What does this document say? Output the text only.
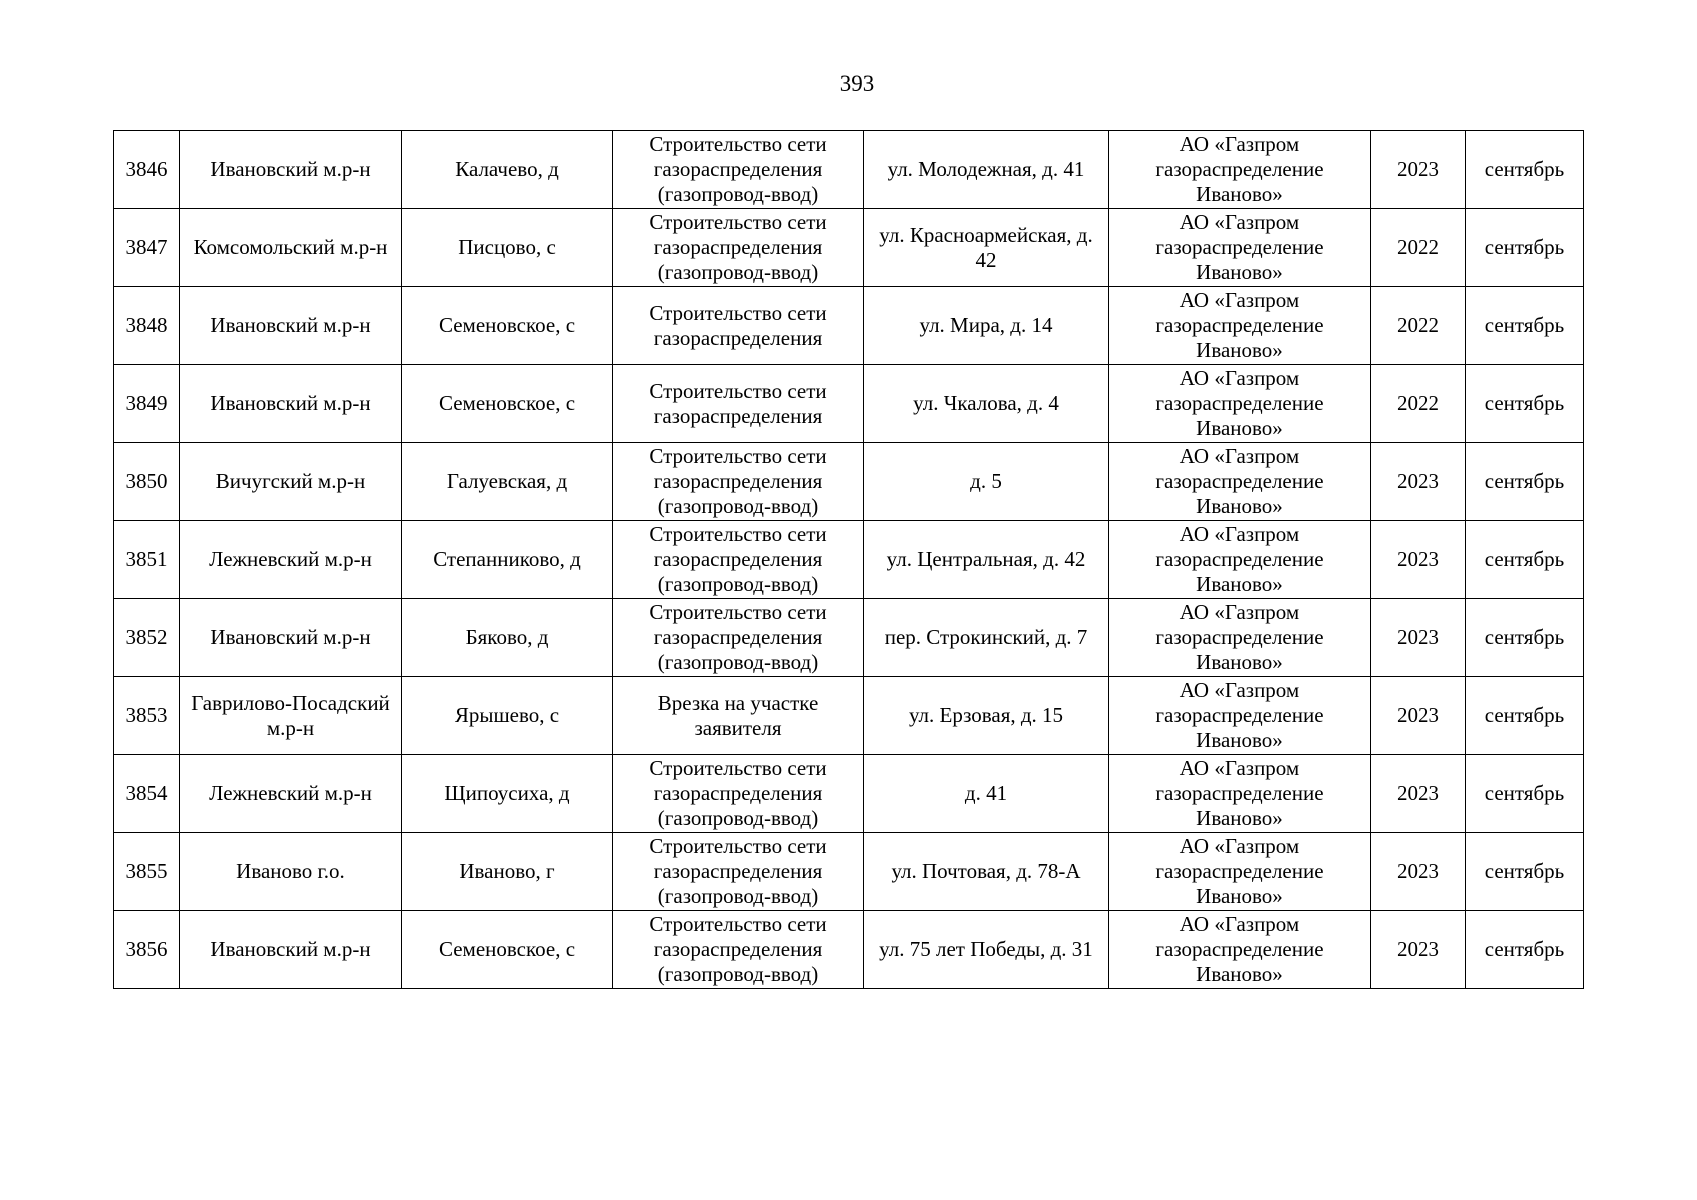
393
3846	Ивановский м.р-н	Калачево, д	Строительство сети газораспределения (газопровод-ввод)	ул. Молодежная, д. 41	АО «Газпром газораспределение Иваново»	2023	сентябрь
3847	Комсомольский м.р-н	Писцово, с	Строительство сети газораспределения (газопровод-ввод)	ул. Красноармейская, д. 42	АО «Газпром газораспределение Иваново»	2022	сентябрь
3848	Ивановский м.р-н	Семеновское, с	Строительство сети газораспределения	ул. Мира, д. 14	АО «Газпром газораспределение Иваново»	2022	сентябрь
3849	Ивановский м.р-н	Семеновское, с	Строительство сети газораспределения	ул. Чкалова, д. 4	АО «Газпром газораспределение Иваново»	2022	сентябрь
3850	Вичугский м.р-н	Галуевская, д	Строительство сети газораспределения (газопровод-ввод)	д. 5	АО «Газпром газораспределение Иваново»	2023	сентябрь
3851	Лежневский м.р-н	Степанниково, д	Строительство сети газораспределения (газопровод-ввод)	ул. Центральная, д. 42	АО «Газпром газораспределение Иваново»	2023	сентябрь
3852	Ивановский м.р-н	Бяково, д	Строительство сети газораспределения (газопровод-ввод)	пер. Строкинский, д. 7	АО «Газпром газораспределение Иваново»	2023	сентябрь
3853	Гаврилово-Посадский м.р-н	Ярышево, с	Врезка на участке заявителя	ул. Ерзовая, д. 15	АО «Газпром газораспределение Иваново»	2023	сентябрь
3854	Лежневский м.р-н	Щипоусиха, д	Строительство сети газораспределения (газопровод-ввод)	д. 41	АО «Газпром газораспределение Иваново»	2023	сентябрь
3855	Иваново г.о.	Иваново, г	Строительство сети газораспределения (газопровод-ввод)	ул. Почтовая, д. 78-А	АО «Газпром газораспределение Иваново»	2023	сентябрь
3856	Ивановский м.р-н	Семеновское, с	Строительство сети газораспределения (газопровод-ввод)	ул. 75 лет Победы, д. 31	АО «Газпром газораспределение Иваново»	2023	сентябрь
